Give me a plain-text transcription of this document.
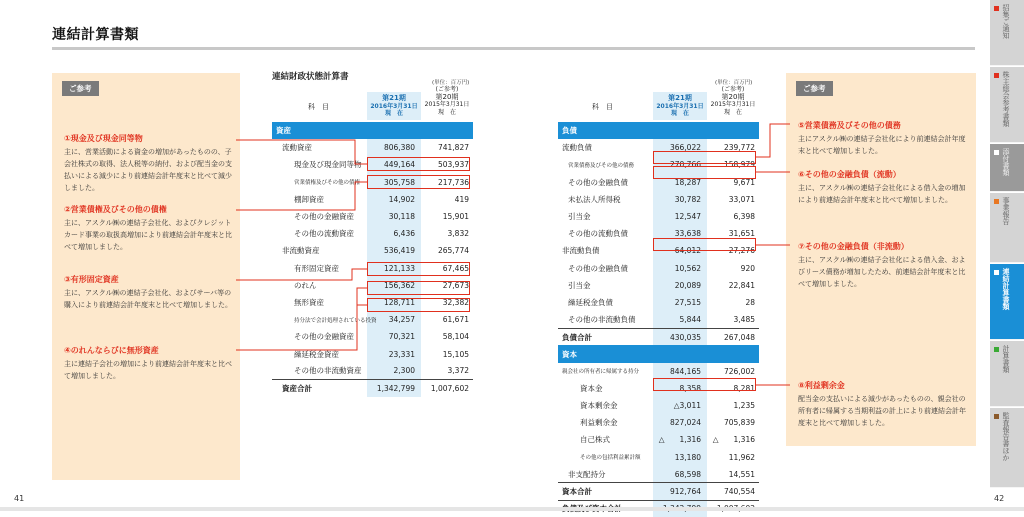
連結計算書類
ご参考
①現金及び現金同等物
主に、営業活動による資金の増加があったものの、子会社株式の取得、法人税等の納付、および配当金の支払いによる減少により前連結会計年度末と比べて減少しました。
②営業債権及びその他の債権
主に、アスクル㈱の連結子会社化、およびクレジットカード事業の取扱高増加により前連結会計年度末と比べて増加しました。
③有形固定資産
主に、アスクル㈱の連結子会社化、およびサーバ等の購入により前連結会計年度末と比べて増加しました。
④のれんならびに無形資産
主に連結子会社の増加により前連結会計年度末と比べて増加しました。
ご参考
⑤営業債務及びその他の債務
主にアスクル㈱の連結子会社化により前連結会計年度末と比べて増加しました。
⑥その他の金融負債（流動）
主に、アスクル㈱の連結子会社化による借入金の増加により前連結会計年度末と比べて増加しました。
⑦その他の金融負債（非流動）
主に、アスクル㈱の連結子会社化による借入金、およびリース債務が増加したため、前連結会計年度末と比べて増加しました。
⑧利益剰余金
配当金の支払いによる減少があったものの、親会社の所有者に帰属する当期利益の計上により前連結会計年度末と比べて増加しました。
連結財政状態計算書
(単位：百万円)
科　目
第21期
2016年3月31日
現　在
(ご参考)
第20期
2015年3月31日
現　在
資産		
流動資産	806,380	741,827
現金及び現金同等物	449,164	503,937
営業債権及びその他の債権	305,758	217,736
棚卸資産	14,902	419
その他の金融資産	30,118	15,901
その他の流動資産	6,436	3,832
非流動資産	536,419	265,774
有形固定資産	121,133	67,465
のれん	156,362	27,673
無形資産	128,711	32,382
持分法で会計処理されている投資	34,257	61,671
その他の金融資産	70,321	58,104
繰延税金資産	23,331	15,105
その他の非流動資産	2,300	3,372
資産合計	1,342,799	1,007,602
(単位：百万円)
科　目
第21期
2016年3月31日
現　在
(ご参考)
第20期
2015年3月31日
現　在
負債		
流動負債	366,022	239,772
営業債務及びその他の債務	270,766	158,979
その他の金融負債	18,287	9,671
未払法人所得税	30,782	33,071
引当金	12,547	6,398
その他の流動負債	33,638	31,651
非流動負債	64,012	27,276
その他の金融負債	10,562	920
引当金	20,089	22,841
繰延税金負債	27,515	28
その他の非流動負債	5,844	3,485
負債合計	430,035	267,048
資本		
親会社の所有者に帰属する持分	844,165	726,002
資本金	8,358	8,281
資本剰余金	△3,011	1,235
利益剰余金	827,024	705,839
自己株式	△　　1,316	△　　1,316
その他の包括利益累計額	13,180	11,962
非支配持分	68,598	14,551
資本合計	912,764	740,554

招集ご通知
株主総会参考書類
添付書類
事業報告
連結計算書類
計算書類
監査報告書ほか
41	42
